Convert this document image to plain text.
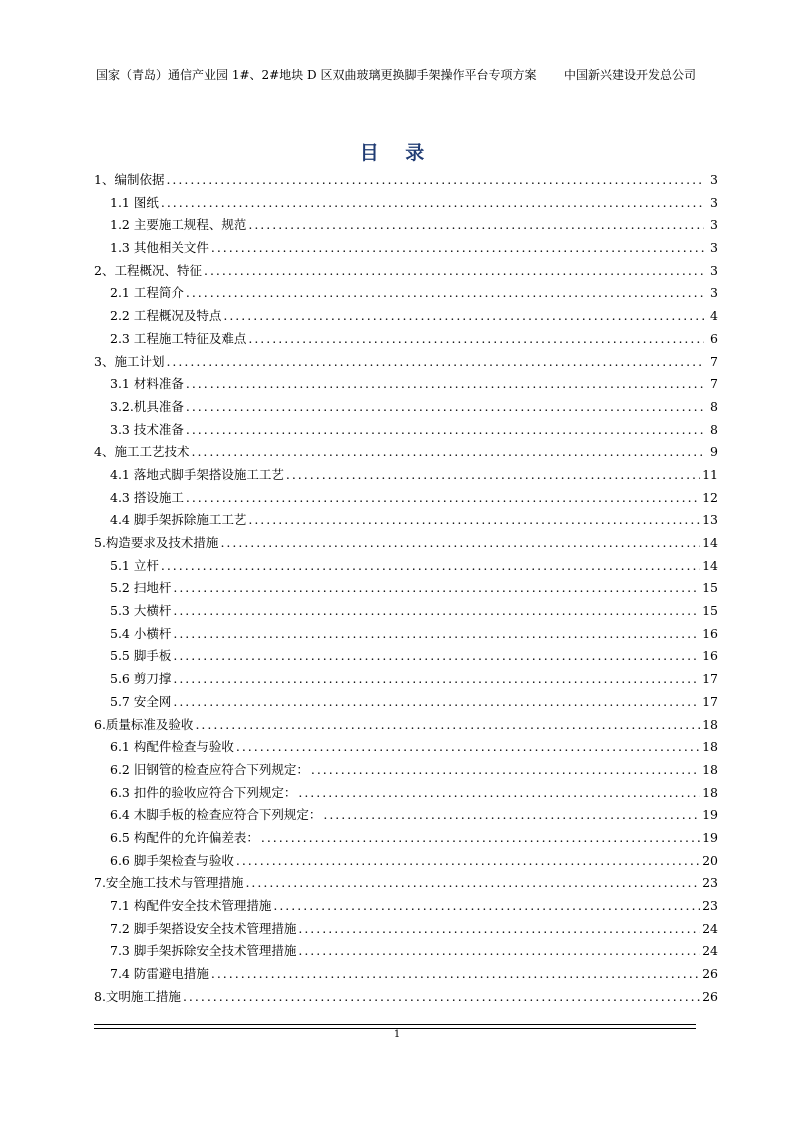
国家（青岛）通信产业园 1#、2#地块 D 区双曲玻璃更换脚手架操作平台专项方案 中国新兴建设开发总公司
目 录
1、编制依据 .....	3
1.1 图纸 .....	3
1.2 主要施工规程、规范 .....	3
1.3 其他相关文件 .....	3
2、工程概况、特征 .....	3
2.1 工程简介 .....	3
2.2 工程概况及特点 .....	4
2.3 工程施工特征及难点 .....	6
3、施工计划 .....	7
3.1 材料准备 .....	7
3.2.机具准备 .....	8
3.3 技术准备 .....	8
4、施工工艺技术 .....	9
4.1 落地式脚手架搭设施工工艺 .....	11
4.3 搭设施工 .....	12
4.4 脚手架拆除施工工艺 .....	13
5.构造要求及技术措施 .....	14
5.1 立杆 .....	14
5.2 扫地杆 .....	15
5.3 大横杆 .....	15
5.4 小横杆 .....	16
5.5 脚手板 .....	16
5.6 剪刀撑 .....	17
5.7 安全网 .....	17
6.质量标准及验收 .....	18
6.1 构配件检查与验收 .....	18
6.2 旧钢管的检查应符合下列规定： .....	18
6.3 扣件的验收应符合下列规定： .....	18
6.4 木脚手板的检查应符合下列规定： .....	19
6.5 构配件的允许偏差表： .....	19
6.6 脚手架检查与验收 .....	20
7.安全施工技术与管理措施 .....	23
7.1 构配件安全技术管理措施 .....	23
7.2 脚手架搭设安全技术管理措施 .....	24
7.3 脚手架拆除安全技术管理措施 .....	24
7.4 防雷避电措施 .....	26
8.文明施工措施 .....	26
1
